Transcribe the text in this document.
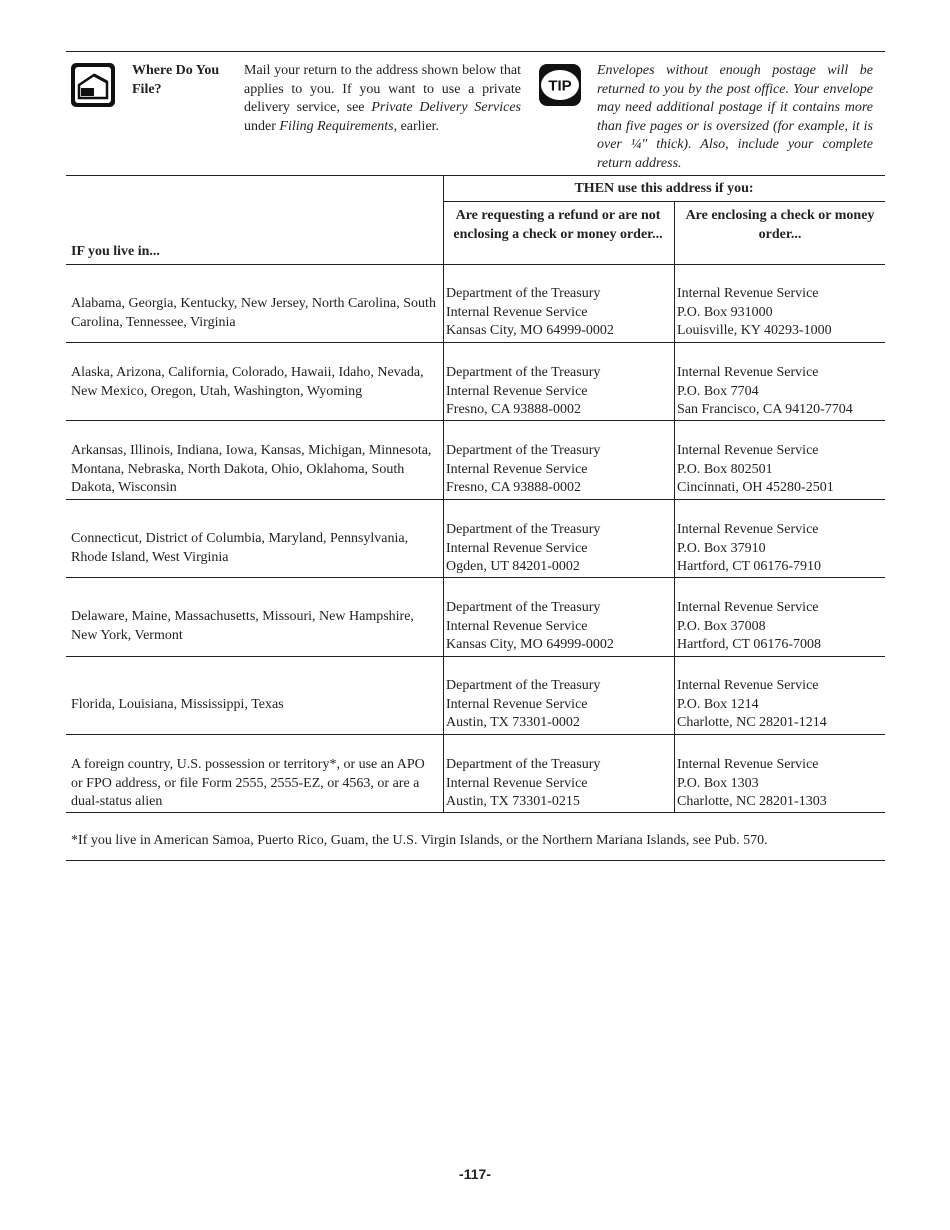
Where Do You File?
Mail your return to the address shown below that applies to you. If you want to use a private delivery service, see Private Delivery Services under Filing Requirements, earlier.
TIP
Envelopes without enough postage will be returned to you by the post office. Your envelope may need additional postage if it contains more than five pages or is oversized (for example, it is over ¼" thick). Also, include your complete return address.
THEN use this address if you:
Are requesting a refund or are not enclosing a check or money order...
Are enclosing a check or money order...
IF you live in...
Alabama, Georgia, Kentucky, New Jersey, North Carolina, South Carolina, Tennessee, Virginia
Department of the Treasury
Internal Revenue Service
Kansas City, MO 64999-0002
Internal Revenue Service
P.O. Box 931000
Louisville, KY 40293-1000
Alaska, Arizona, California, Colorado, Hawaii, Idaho, Nevada, New Mexico, Oregon, Utah, Washington, Wyoming
Department of the Treasury
Internal Revenue Service
Fresno, CA 93888-0002
Internal Revenue Service
P.O. Box 7704
San Francisco, CA 94120-7704
Arkansas, Illinois, Indiana, Iowa, Kansas, Michigan, Minnesota, Montana, Nebraska, North Dakota, Ohio, Oklahoma, South Dakota, Wisconsin
Department of the Treasury
Internal Revenue Service
Fresno, CA 93888-0002
Internal Revenue Service
P.O. Box 802501
Cincinnati, OH 45280-2501
Connecticut, District of Columbia, Maryland, Pennsylvania, Rhode Island, West Virginia
Department of the Treasury
Internal Revenue Service
Ogden, UT 84201-0002
Internal Revenue Service
P.O. Box 37910
Hartford, CT 06176-7910
Delaware, Maine, Massachusetts, Missouri, New Hampshire, New York, Vermont
Department of the Treasury
Internal Revenue Service
Kansas City, MO 64999-0002
Internal Revenue Service
P.O. Box 37008
Hartford, CT 06176-7008
Florida, Louisiana, Mississippi, Texas
Department of the Treasury
Internal Revenue Service
Austin, TX 73301-0002
Internal Revenue Service
P.O. Box 1214
Charlotte, NC 28201-1214
A foreign country, U.S. possession or territory*, or use an APO or FPO address, or file Form 2555, 2555-EZ, or 4563, or are a dual-status alien
Department of the Treasury
Internal Revenue Service
Austin, TX 73301-0215
Internal Revenue Service
P.O. Box 1303
Charlotte, NC 28201-1303
*If you live in American Samoa, Puerto Rico, Guam, the U.S. Virgin Islands, or the Northern Mariana Islands, see Pub. 570.
-117-
